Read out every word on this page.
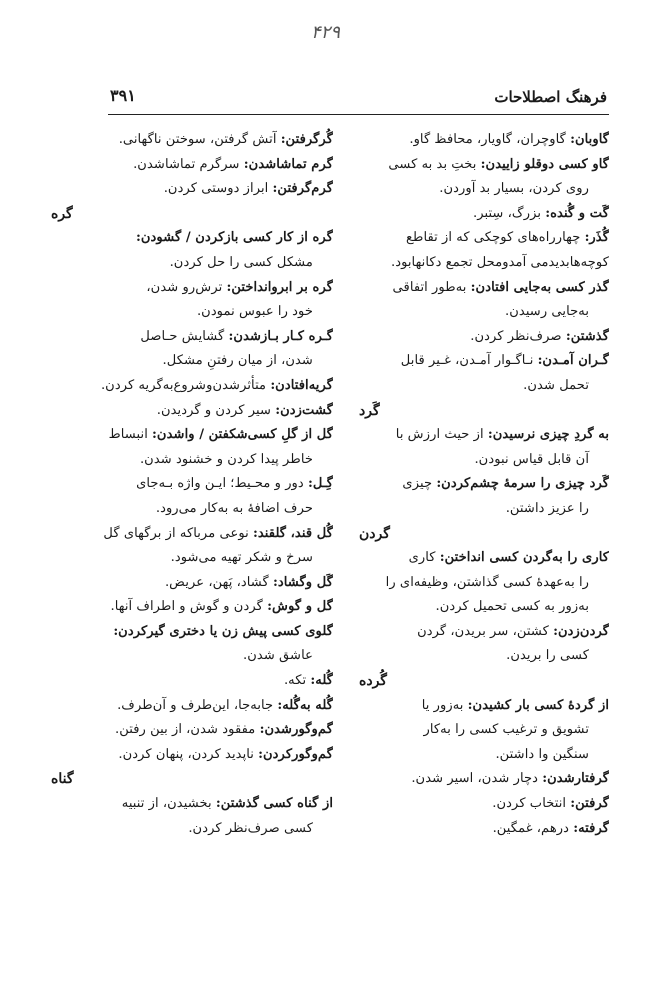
۴۲۹
فرهنگ اصطلاحات
۳۹۱
گاوبان: گاوچران، گاویار، محافظ گاو.
گاو کسی دوقلو زاییدن: بختِ بد به کسی
روی کردن، بسیار بد آوردن.
گَت و گُنده: بزرگ، سِتبر.
گُذَر: چهارراه‌های کوچکی که از تقاطع
کوچه‌هابدیدمی آمدومحل تجمع دکانهابود.
گذر کسی به‌جایی افتادن: به‌طور اتفاقی
به‌جایی رسیدن.
گذشتن: صرف‌نظر کردن.
گـران آمـدن: نـاگـوار آمـدن، غـیر قابل
تحمل شدن.
گَرد
به گردِ چیزی نرسیدن: از حیث ارزش با
آن قابل قیاس نبودن.
گَرد چیزی را سرمهٔ چشم‌کردن: چیزی
را عزیز داشتن.
گردن
کاری را به‌گردن کسی انداختن: کاری
را به‌عهدهٔ کسی گذاشتن، وظیفه‌ای را
به‌زور به کسی تحمیل کردن.
گردن‌زدن: کشتن، سر بریدن، گردن
کسی را بریدن.
گُرده
از گردهٔ کسی بار کشیدن: به‌زور یا
تشویق و ترغیب کسی را به‌کار
سنگین وا داشتن.
گرفتارشدن: دچار شدن، اسیر شدن.
گرفتن: انتخاب کردن.
گرفته: درهم، غمگین.
گُرگرفتن: آتش گرفتن، سوختن ناگهانی.
گرم تماشاشدن: سرگرم تماشاشدن.
گرم‌گرفتن: ابراز دوستی کردن.
گره
گره از کار کسی بازکردن / گشودن:
مشکل کسی را حل کردن.
گره بر ابرو‌انداختن: ترش‌رو شدن،
خود را عبوس نمودن.
گـره کـار بـازشدن: گشایش حـاصل
شدن، از میان رفتنِ مشکل.
گریه‌افتادن: متأثر‌شدن‌وشروع‌به‌گریه کردن.
گشت‌زدن: سیر کردن و گردیدن.
گل از گلِ کسی‌شکفتن / واشدن: انبساط
خاطر پیدا کردن و خشنود شدن.
گِـل: دور و محـیط؛ ایـن واژه بـه‌جای
حرف اضافهٔ به به‌کار می‌رود.
گُل قند، گلقند: نوعی مربا‌که از برگهای گل
سرخ و شکر تهیه می‌شود.
گَل وگشاد: گشاد، پَهن، عریض.
گل و گوش: گردن و گوش و اطراف آنها.
گلوی کسی پیش زن یا دختری گیرکردن:
عاشق شدن.
گُله: تکه.
گُله به‌گُله: جابه‌جا، این‌طرف و آن‌طرف.
گم‌وگورشدن: مفقود شدن، از بین رفتن.
گم‌وگورکردن: ناپدید کردن، پنهان کردن.
گناه
از گناه کسی گذشتن: بخشیدن، از تنبیه
کسی صرف‌نظر کردن.
